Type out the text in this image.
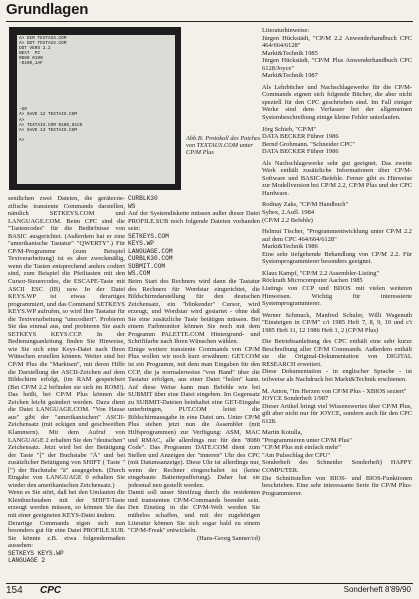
Grundlagen
A> DIR TEXTAIS.COM
A> DDT TEXTAIS.COM
DDT VERS 2.2
NEXT  PC
0D00 0100
-D100,1AF

-G0
A> SAVE 12 TEXTAIS.COM
A>
A> TEXTAIS.COM 0100,01C0
A> SAVE 13 TEXTAIS.COM

A>	Abb.B: Protokoll des Patches von TEXTAUS.COM unter CP/M Plus

sentlichen zwei Dateien, die geräteспе-zifische transiente Commands darstellen, nämlich SETKEYS.COM und LANGUAGE.COM. Beim CPC sind die "Tastencodes" für die Bedürfnisse von BASIC ausgerichtet. (Außerdem hat er eine "amerikanische Tastatur" "QWERTY".) Für CP/M-Programme (zum Beispiel Textverarbeitung) ist es aber zweckmäßig, wenn die Tasten entsprechend anders codiert sind, zum Beispiel die Pfeiltasten mit den Cursor-Steuercodes, die ESCAPE-Taste mit ASCII ESC (IB) usw. In der Datei KEYS.WP ist etwas derartiges programmiert, und das Command SETKEYS KEYS.WP aufrufen, so wird Ihre Tastatur für die Textverarbeitung "umcodiert". Probieren Sie das einmal aus, und probieren Sie auch SETKEYS KEYS.CCP. In der Bedienungsanleitung finden Sie Hinweise, wie Sie sich eine Keys-Datei nach Ihren Wünschen erstellen können. Weiter sind bei CP/M Plus die "Marktsen", mit deren Hilfe die Darstellung der ASCII-Zeichen auf dem Bildschirm erfolgt, (im RAM gespeichert (Bei CP/M 2.2 befinden sie sich im ROM!). Das heißt, bei CP/M Plus können die Zeichen leicht geändert werden. Dazu dient die Datei LANGUAGE.COM. "Von Hause aus" gibt der "amerikanischen" ASCII-Zeichensatz (mit eckigen und geschweiften Klammern). Mit dem Aufruf von LANGUAGE 2 erhalten Sie den "deutschen" Zeichensatz. Jetzt wird bei der Betätigung der Taste "[" der Buchstabe "Ä" und bei zusätzlicher Betätigung von SHIFT ( Taste "[") der Buchstabe "ä" ausgegeben. (Durch Eingabe von LANGUAGE 0 erhalten Sie wieder den amerikanischen Zeichensatz.)

Wenn es Sie stört, daß bei den Umlauten die Kleinbuchstaben mit der SHIFT-Taste erzeugt werden müssen, so können Sie das mit einer geeigneten KEYS-Datei ändern.

Derartige Commands eigen sich nun besonders gut für eine Datei PROFILE.SUB. Sie könnte z.B. etwa folgendermaßen aussehen:

SETKEYS KEYS.WP

LANGUAGE 2

CURBLK30

WS

Auf der Systemdiskette müssen außer dieser Datei PROFILE.SUB noch folgende Dateien vorhanden sein:

SETKEYS.COM

KEYS.WP

LANGUAGE.COM

CURBLK30.COM

SUBMIT.COM

WS.COM

Beim Start des Rechners wird dann die Tastatur des Rechners für Wordstar eingerichtet, die Bildschirmdarstellung für den deutschen Zeichensatz, ein "blinkender" Cursor, wird erzeugt, und Wordstar wird gestartet - ohne daß Sie eine zusätzliche Taste betätigen müssen. Bei einem Farbmonitor können Sie noch mit dem Programm PALETTE.COM Hintergrund- und Schriftfarbe nach Ihren Wünschen wählen.

Einige weitere transiente Commands von CP/M Plus wollen wir noch kurz erwähnen: GET.COM ist ein Programm, mit dem man Eingaben für den CCP, die ja normalerweise "von Hand" über die Tastatur erfolgen, aus einer Datei "holen" kann. Auf diese Weise kann man Befehle wie bei SUBMIT über eine Datei eingeben. Im Gegensatz zu SUBMIT-Dateien beinhaltet eine GET-Eingabe unterbringen, PUT.COM leitet die Bildschirmausgabe in eine Datei um. Unter CP/M Plus stehen jetzt nun die Assembler (mit Hilfsprogrammen) zur Verfügung: ASM, MAC und RMAC, alle allerdings nur für den "8080 Code". Das Programm DATE.COM dient zum Stellen und Anzeigen der "inneren" Uhr des CPC (mit Datumsanzeige). Diese Uhr ist allerdings nur, wenn der Rechner eingeschaltet ist (keine eingebaute Batteriepufferung). Daher hat sie jedesmal neu gestellt werden.

Damit soll unser Streifzug durch die residenten und transienten CP/M-Commands beendet sein. Den Einstieg in die CP/M-Welt werden Sie mühelos schaffen, und mit der zugehörigen Literatur können Sie sich sogar bald zu einem "CP/M-Freak" entwickeln.

(Hans-Georg Sanner/cd)

Literaturhinweise:

Jürgen Hückstädt, "CP/M 2.2 Anwenderhandbuch CPC 464/664/6128"

Markt&Technik 1985

Jürgen Hückstädt, "CP/M Plus Anwenderhandbuch CPC 6128/Joyce"

Markt&Technik 1987

Als Lehrbücher und Nachschlagewerke für die CP/M-Commands eignen sich folgende Bücher, die aber nicht speziell für den CPC geschrieben sind. Im Fall einiger Werke sind dem Verfasser bei der allgemeinen Systembeschreibung einige kleine Fehler unterlaufen.

Jörg Schieb, "CP/M"

DATA BECKER Führer 1986

Bernd Grohmann. "Schneider CPC"

DATA BECKER Führer 1986

Als Nachschlagewerke sehr gut geeignet. Das zweite Werk enthält zusätzliche Informationen über CP/M-Software und BASIC-Befehle. Ferner gibt es Hinweise zur Modellversion bei CP/M 2.2, CP/M Plus und der CPC Hardware.

Rodnay Zaks, "CP/M Handbuch"

Sybex, 2.Aufl. 1984

(CP/M 2.2 Befehle)

Helmut Tischer, "Programmentwicklung unter CP/M 2.2 auf dem CPC 464/664/6128"

Markt&Technik 1986

Eine sehr tiefgehende Behandlung von CP/M 2.2. Für Systemprogrammierer besonders geeignet.

Klaus Kampf, "CP/M 2.2 Assembler-Listing"

Röckrath Microcomputer Aachen 1985

Listings von CCP und BDOS mit vielen weiteren Hinweisen. Wichtig für interessierte Systemprogrammierer.

Werner Schmuck, Manfred Schuler, Willi Wagenuth "Einsteigen in CP/M" c/t 1985 Heft 7, 8, 9, 10 und c't 1985 Heft 11, 12 1986 Heft 1, 2 (CP/M Plus)

Die Betriebsanleitung des CPC enthält eine sehr kurze Beschreibung aller CP/M Commands. Außerdem enthält sie die Original-Dokumentation von DIGITAL RESEARCH erweitert.

Diese Dokumentation - in englischer Sprache - ist teilweise als Nachdruck bei Markt&Technik erschienen.

M. Anton, "Im Herzen von CP/M Plus - XBIOS seziert"

JOYCE Sonderheft 1/987

Dieser Artikel bringt viel Wissenswertes über CP/M Plus, gilt aber nicht nur für JOYCE, sondern auch für den CPC 6128.

Martin Kotulla,

"Programmieren unter CP/M Plus"

"CP/M Plus mit einfach mehr"

"Am Pulsschlag der CPU"

Sonderheft des Schneider Sonderheft) HAPPY COMPUTER.

Die Schnittstellen von BIOS- und BIOS-Funktionen beschrieben. Eine sehr interessante Serie für CP/M Plus-Programmierer.

154 CPC	Sonderheft 8'89/90
